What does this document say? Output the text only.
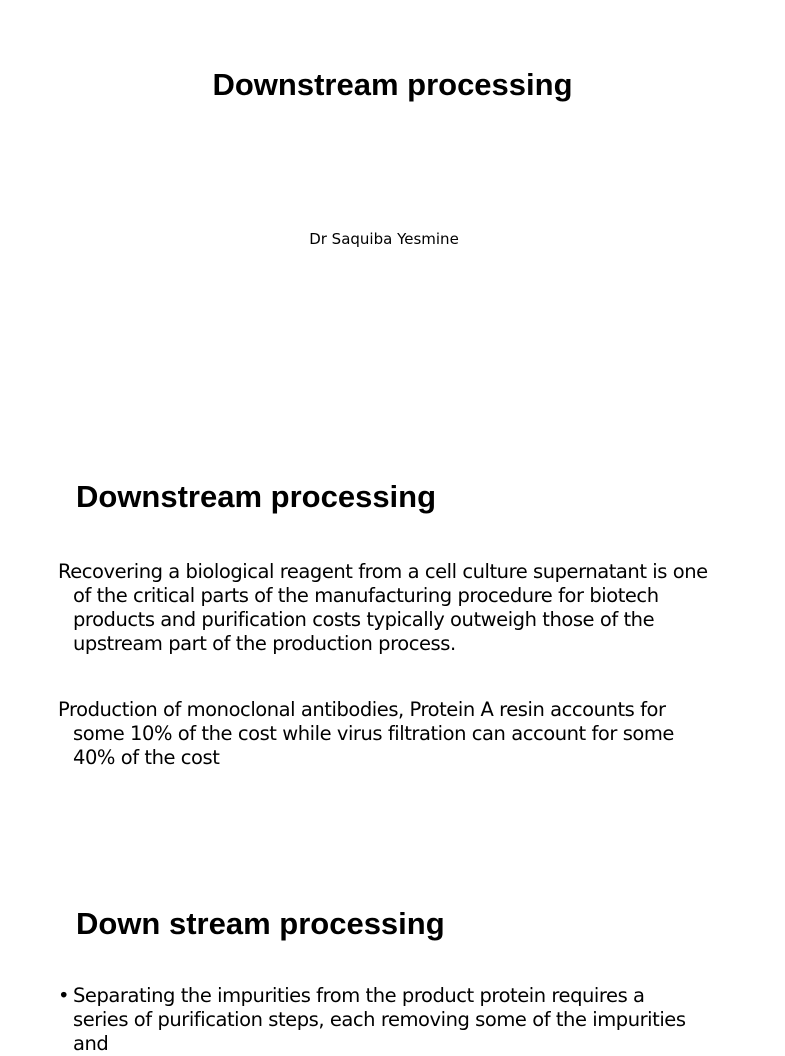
Downstream processing

Dr Saquiba Yesmine

Downstream processing

Recovering a biological reagent from a cell culture supernatant is one of the critical parts of the manufacturing procedure for biotech products and purification costs typically outweigh those of the upstream part of the production process.

Production of monoclonal antibodies, Protein A resin accounts for some 10% of the cost while virus filtration can account for some 40% of the cost

Down stream processing
• Separating the impurities from the product protein requires a series of purification steps, each removing some of the impurities and
